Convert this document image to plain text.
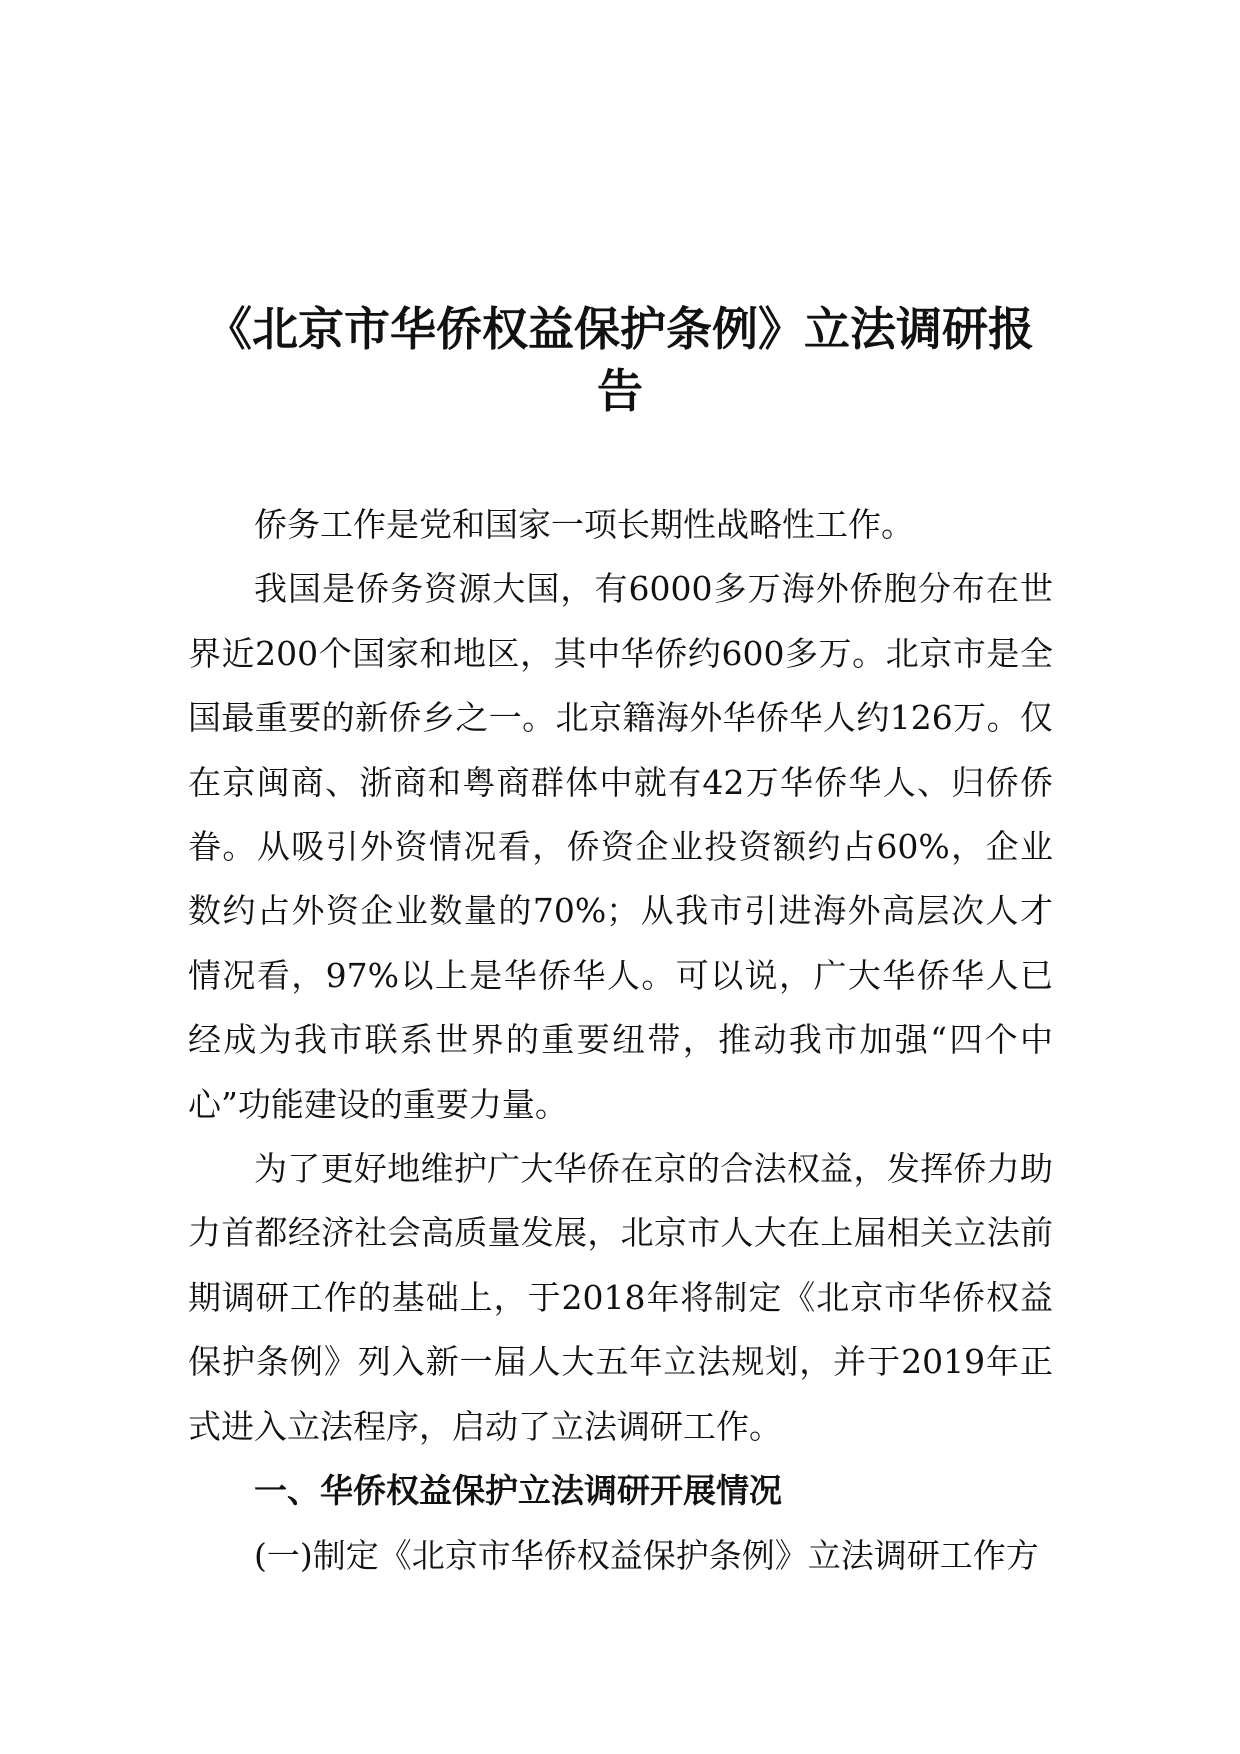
《北京市华侨权益保护条例》立法调研报告

侨务工作是党和国家一项长期性战略性工作。

我国是侨务资源大国，有6000多万海外侨胞分布在世界近200个国家和地区，其中华侨约600多万。北京市是全国最重要的新侨乡之一。北京籍海外华侨华人约126万。仅在京闽商、浙商和粤商群体中就有42万华侨华人、归侨侨眷。从吸引外资情况看，侨资企业投资额约占60%，企业数约占外资企业数量的70%；从我市引进海外高层次人才情况看，97%以上是华侨华人。可以说，广大华侨华人已经成为我市联系世界的重要纽带，推动我市加强“四个中心”功能建设的重要力量。

为了更好地维护广大华侨在京的合法权益，发挥侨力助力首都经济社会高质量发展，北京市人大在上届相关立法前期调研工作的基础上，于2018年将制定《北京市华侨权益保护条例》列入新一届人大五年立法规划，并于2019年正式进入立法程序，启动了立法调研工作。

一、华侨权益保护立法调研开展情况

(一)制定《北京市华侨权益保护条例》立法调研工作方
